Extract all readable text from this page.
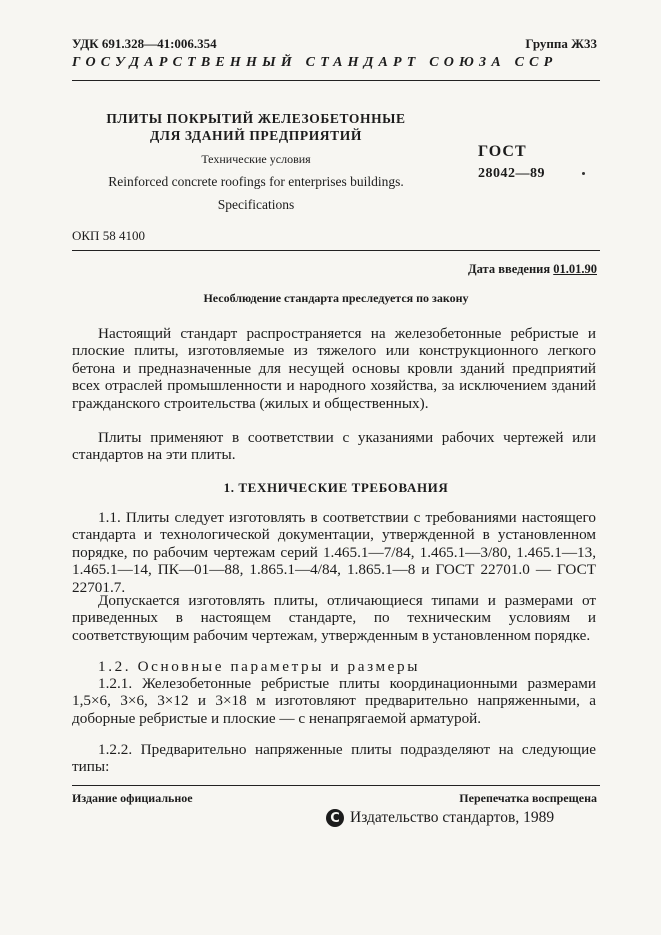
УДК 691.328—41:006.354	Группа Ж33
ГОСУДАРСТВЕННЫЙ СТАНДАРТ СОЮЗА ССР
ПЛИТЫ ПОКРЫТИЙ ЖЕЛЕЗОБЕТОННЫЕ
ДЛЯ ЗДАНИЙ ПРЕДПРИЯТИЙ
Технические условия
Reinforced concrete roofings for enterprises buildings.
Specifications
ГОСТ
28042—89
ОКП 58 4100
Дата введения 01.01.90
Несоблюдение стандарта преследуется по закону
Настоящий стандарт распространяется на железобетонные ребристые и плоские плиты, изготовляемые из тяжелого или конструкционного легкого бетона и предназначенные для несущей основы кровли зданий предприятий всех отраслей промышленности и народного хозяйства, за исключением зданий гражданского строительства (жилых и общественных).
Плиты применяют в соответствии с указаниями рабочих чертежей или стандартов на эти плиты.
1. ТЕХНИЧЕСКИЕ ТРЕБОВАНИЯ
1.1. Плиты следует изготовлять в соответствии с требованиями настоящего стандарта и технологической документации, утвержденной в установленном порядке, по рабочим чертежам серий 1.465.1—7/84, 1.465.1—3/80, 1.465.1—13, 1.465.1—14, ПК—01—88, 1.865.1—4/84, 1.865.1—8 и ГОСТ 22701.0 — ГОСТ 22701.7.
Допускается изготовлять плиты, отличающиеся типами и размерами от приведенных в настоящем стандарте, по техническим условиям и соответствующим рабочим чертежам, утвержденным в установленном порядке.
1.2. Основные параметры и размеры
1.2.1. Железобетонные ребристые плиты координационными размерами 1,5×6, 3×6, 3×12 и 3×18 м изготовляют предварительно напряженными, а доборные ребристые и плоские — с ненапрягаемой арматурой.
1.2.2. Предварительно напряженные плиты подразделяют на следующие типы:
Издание официальное	Перепечатка воспрещена
C Издательство стандартов, 1989
